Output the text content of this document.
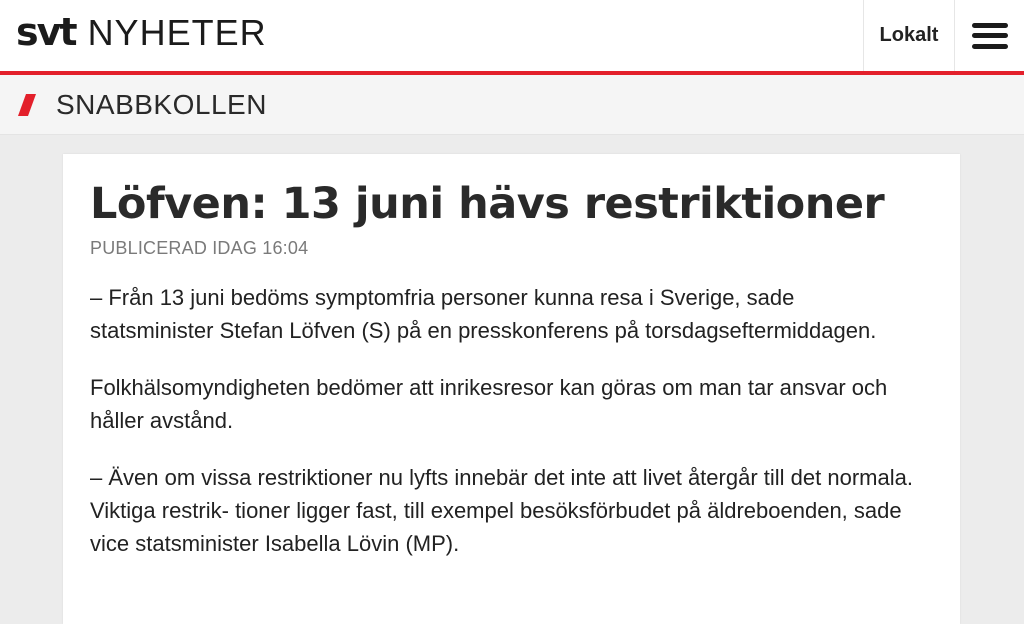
svt NYHETER	Lokalt
SNABBKOLLEN
Löfven: 13 juni hävs restriktioner
PUBLICERAD IDAG 16:04

– Från 13 juni bedöms symptomfria personer kunna resa i Sverige, sade statsminister Stefan Löfven (S) på en presskonferens på torsdagseftermiddagen.

Folkhälsomyndigheten bedömer att inrikesresor kan göras om man tar ansvar och håller avstånd.

– Även om vissa restriktioner nu lyfts innebär det inte att livet återgår till det normala. Viktiga restrik- tioner ligger fast, till exempel besöksförbudet på äldreboenden, sade vice statsminister Isabella Lövin (MP).
